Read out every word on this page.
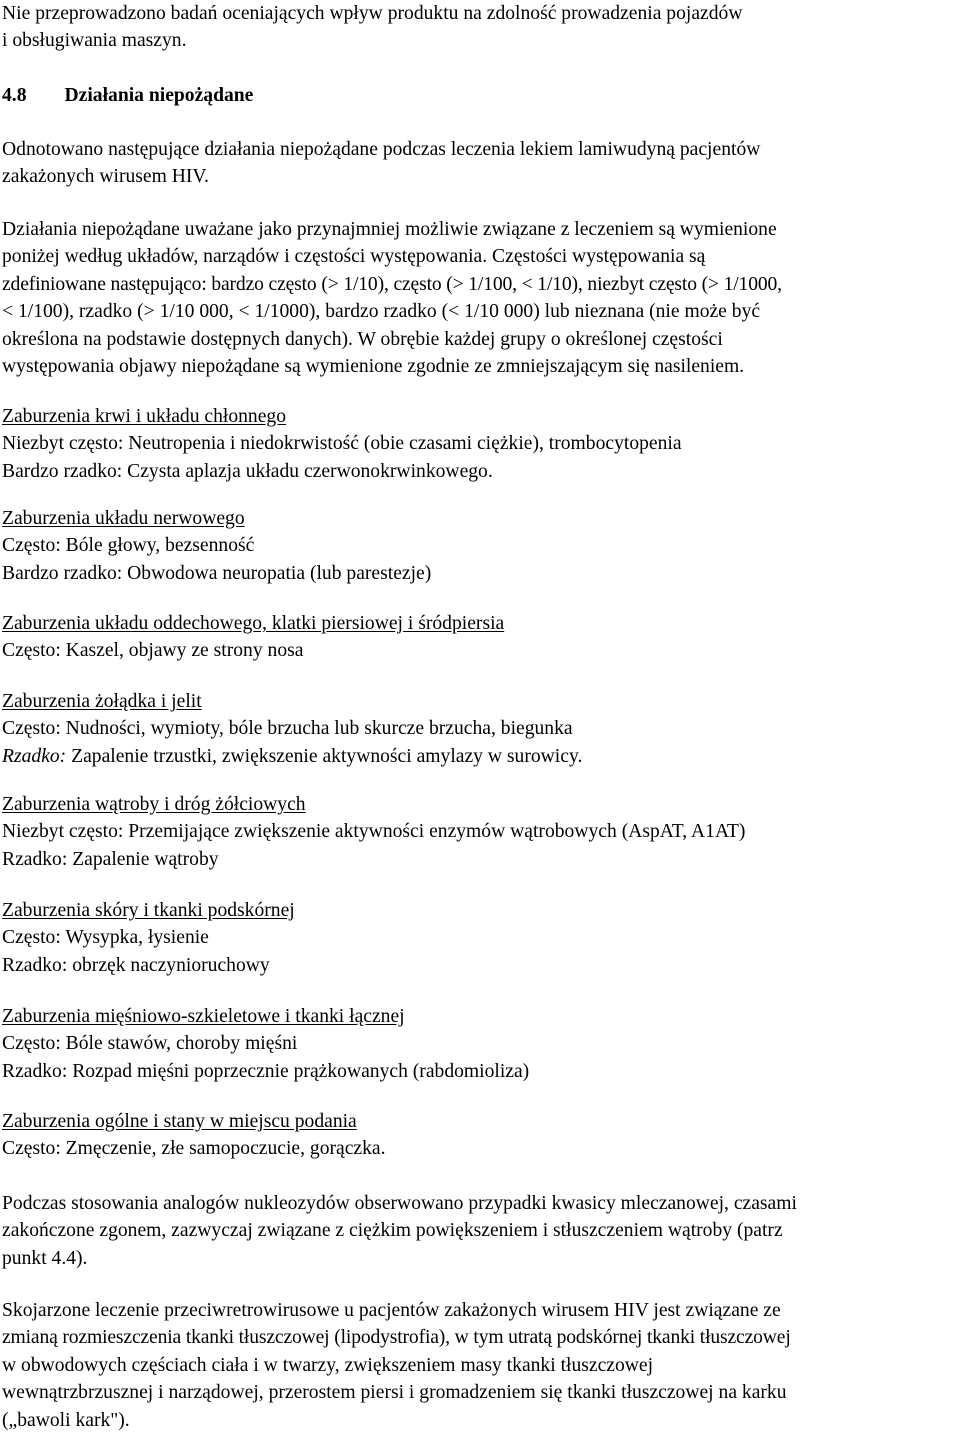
Nie przeprowadzono badań oceniających wpływ produktu na zdolność prowadzenia pojazdów
i obsługiwania maszyn.
4.8 Działania niepożądane
Odnotowano następujące działania niepożądane podczas leczenia lekiem lamiwudyną pacjentów
zakażonych wirusem HIV.
Działania niepożądane uważane jako przynajmniej możliwie związane z leczeniem są wymienione
poniżej według układów, narządów i częstości występowania. Częstości występowania są
zdefiniowane następująco: bardzo często (> 1/10), często (> 1/100, < 1/10), niezbyt często (> 1/1000,
< 1/100), rzadko (> 1/10 000, < 1/1000), bardzo rzadko (< 1/10 000) lub nieznana (nie może być
określona na podstawie dostępnych danych). W obrębie każdej grupy o określonej częstości
występowania objawy niepożądane są wymienione zgodnie ze zmniejszającym się nasileniem.
Zaburzenia krwi i układu chłonnego
Niezbyt często: Neutropenia i niedokrwistość (obie czasami ciężkie), trombocytopenia
Bardzo rzadko: Czysta aplazja układu czerwonokrwinkowego.
Zaburzenia układu nerwowego
Często: Bóle głowy, bezsenność
Bardzo rzadko: Obwodowa neuropatia (lub parestezje)
Zaburzenia układu oddechowego, klatki piersiowej i śródpiersia
Często: Kaszel, objawy ze strony nosa
Zaburzenia żołądka i jelit
Często: Nudności, wymioty, bóle brzucha lub skurcze brzucha, biegunka
Rzadko: Zapalenie trzustki, zwiększenie aktywności amylazy w surowicy.
Zaburzenia wątroby i dróg żółciowych
Niezbyt często: Przemijające zwiększenie aktywności enzymów wątrobowych (AspAT, A1AT)
Rzadko: Zapalenie wątroby
Zaburzenia skóry i tkanki podskórnej
Często: Wysypka, łysienie
Rzadko: obrzęk naczynioruchowy
Zaburzenia mięśniowo-szkieletowe i tkanki łącznej
Często: Bóle stawów, choroby mięśni
Rzadko: Rozpad mięśni poprzecznie prążkowanych (rabdomioliza)
Zaburzenia ogólne i stany w miejscu podania
Często: Zmęczenie, złe samopoczucie, gorączka.
Podczas stosowania analogów nukleozydów obserwowano przypadki kwasicy mleczanowej, czasami
zakończone zgonem, zazwyczaj związane z ciężkim powiększeniem i stłuszczeniem wątroby (patrz
punkt 4.4).
Skojarzone leczenie przeciwretrowirusowe u pacjentów zakażonych wirusem HIV jest związane ze
zmianą rozmieszczenia tkanki tłuszczowej (lipodystrofia), w tym utratą podskórnej tkanki tłuszczowej
w obwodowych częściach ciała i w twarzy, zwiększeniem masy tkanki tłuszczowej
wewnątrzbrzusznej i narządowej, przerostem piersi i gromadzeniem się tkanki tłuszczowej na karku
(„bawoli kark").
